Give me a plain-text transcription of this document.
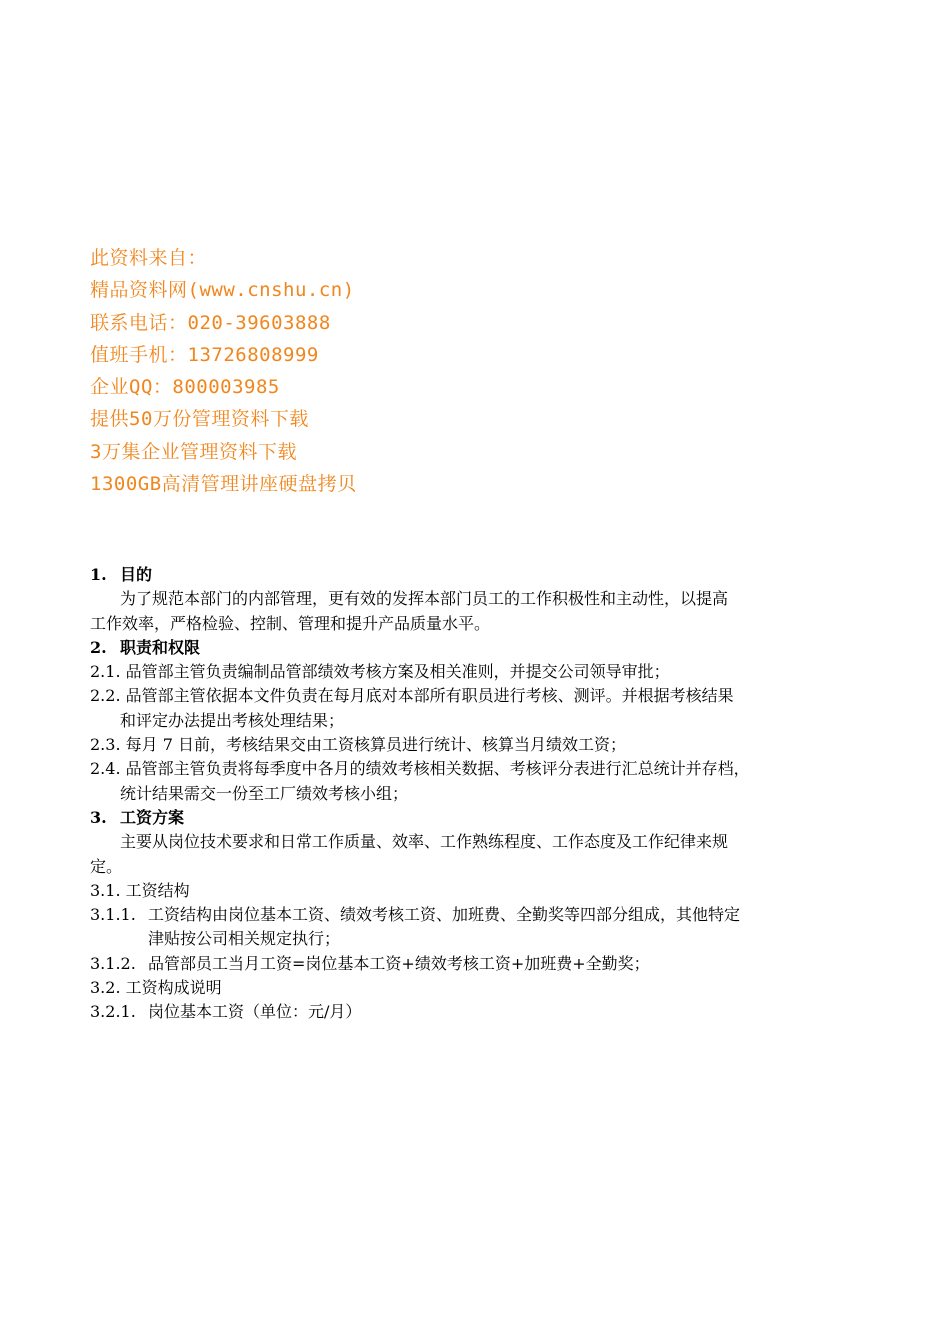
此资料来自：
精品资料网(www.cnshu.cn)
联系电话：020-39603888
值班手机：13726808999
企业QQ：800003985
提供50万份管理资料下载
3万集企业管理资料下载
1300GB高清管理讲座硬盘拷贝
1. 目的
为了规范本部门的内部管理，更有效的发挥本部门员工的工作积极性和主动性，以提高
工作效率，严格检验、控制、管理和提升产品质量水平。
2. 职责和权限
2.1. 品管部主管负责编制品管部绩效考核方案及相关准则，并提交公司领导审批；
2.2. 品管部主管依据本文件负责在每月底对本部所有职员进行考核、测评。并根据考核结果
和评定办法提出考核处理结果；
2.3. 每月 7 日前，考核结果交由工资核算员进行统计、核算当月绩效工资；
2.4. 品管部主管负责将每季度中各月的绩效考核相关数据、考核评分表进行汇总统计并存档，
统计结果需交一份至工厂绩效考核小组；
3. 工资方案
主要从岗位技术要求和日常工作质量、效率、工作熟练程度、工作态度及工作纪律来规
定。
3.1. 工资结构
3.1.1. 工资结构由岗位基本工资、绩效考核工资、加班费、全勤奖等四部分组成，其他特定
津贴按公司相关规定执行；
3.1.2. 品管部员工当月工资=岗位基本工资+绩效考核工资+加班费+全勤奖；
3.2. 工资构成说明
3.2.1. 岗位基本工资（单位：元/月）
